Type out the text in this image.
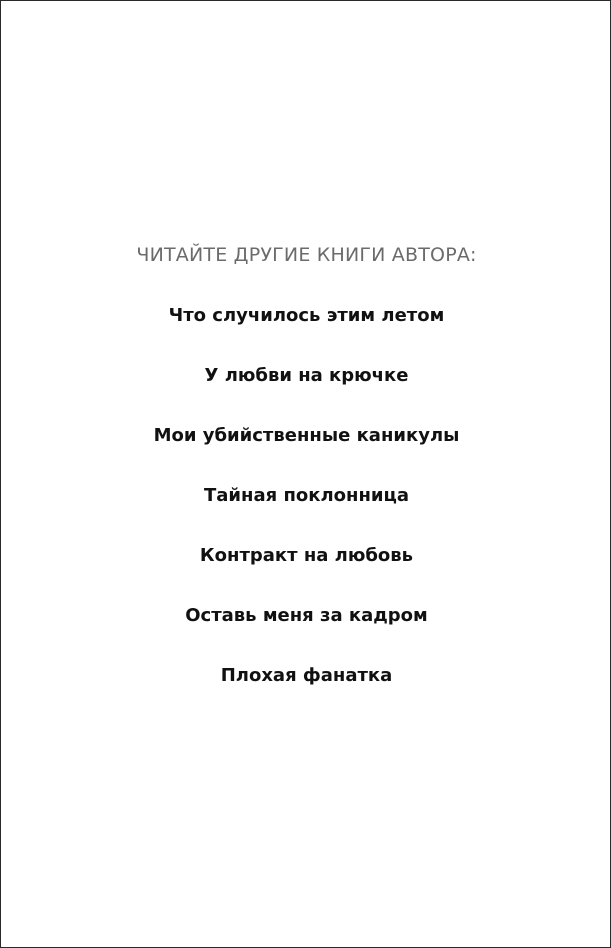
ЧИТАЙТЕ ДРУГИЕ КНИГИ АВТОРА:
Что случилось этим летом
У любви на крючке
Мои убийственные каникулы
Тайная поклонница
Контракт на любовь
Оставь меня за кадром
Плохая фанатка
